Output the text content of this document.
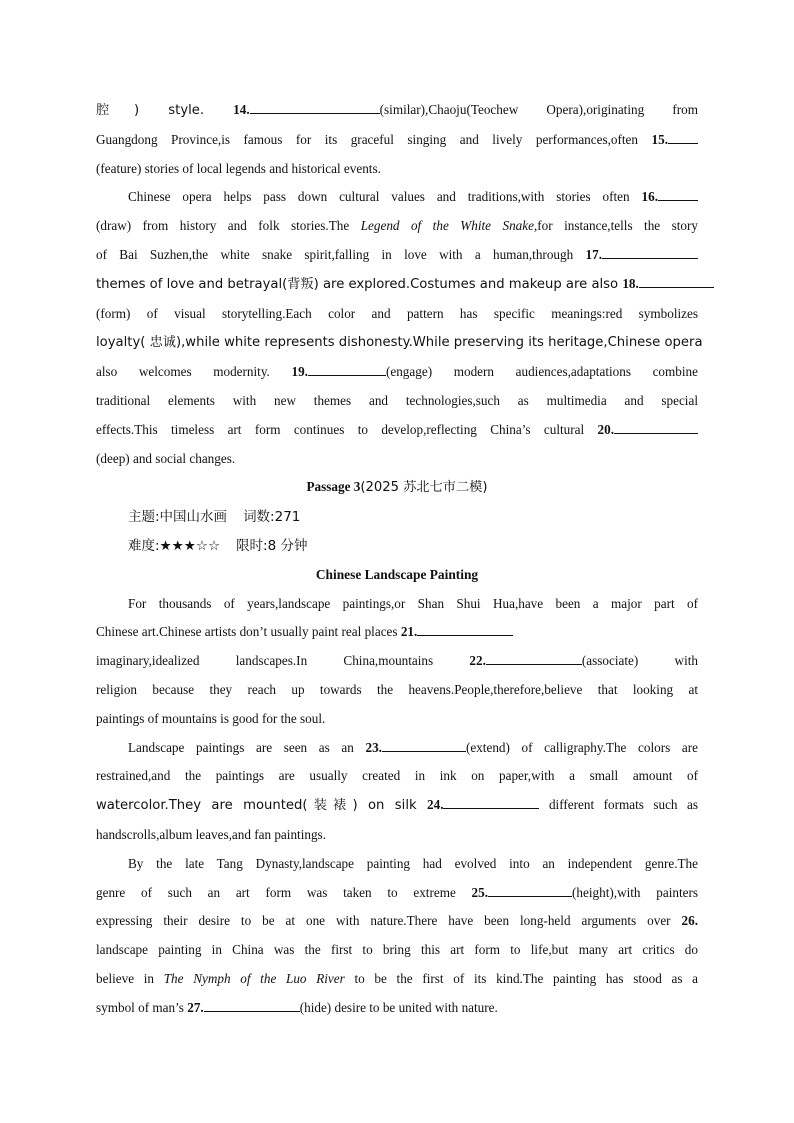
腔) style. 14.	(similar),Chaoju(Teochew Opera),originating from
Guangdong Province,is famous for its graceful singing and lively performances,often 15.
(feature) stories of local legends and historical events.
Chinese opera helps pass down cultural values and traditions,with stories often 16.
(draw) from history and folk stories.The Legend of the White Snake,for instance,tells the story
of Bai Suzhen,the white snake spirit,falling in love with a human,through 17.
themes of love and betrayal(背叛) are explored.Costumes and makeup are also 18.
(form) of visual storytelling.Each color and pattern has specific meanings:red symbolizes
loyalty( 忠诚),while white represents dishonesty.While preserving its heritage,Chinese opera
also welcomes modernity. 19.	(engage) modern audiences,adaptations combine
traditional elements with new themes and technologies,such as multimedia and special
effects.This timeless art form continues to develop,reflecting China’s cultural 20.
(deep) and social changes.
Passage 3(2025 苏北七市二模)
主题:中国山水画 词数:271
难度:★★★☆☆ 限时:8 分钟
Chinese Landscape Painting
For thousands of years,landscape paintings,or Shan Shui Hua,have been a major part of
Chinese art.Chinese artists don’t usually paint real places 21.
imaginary,idealized landscapes.In China,mountains 22.	(associate) with
religion because they reach up towards the heavens.People,therefore,believe that looking at
paintings of mountains is good for the soul.
Landscape paintings are seen as an 23.	(extend) of calligraphy.The colors are
restrained,and the paintings are usually created in ink on paper,with a small amount of
watercolor.They are mounted(装裱) on silk 24.	different formats such as
handscrolls,album leaves,and fan paintings.
By the late Tang Dynasty,landscape painting had evolved into an independent genre.The
genre of such an art form was taken to extreme 25.	(height),with painters
expressing their desire to be at one with nature.There have been long-held arguments over 26.
landscape painting in China was the first to bring this art form to life,but many art critics do
believe in The Nymph of the Luo River to be the first of its kind.The painting has stood as a
symbol of man’s 27.	(hide) desire to be united with nature.
